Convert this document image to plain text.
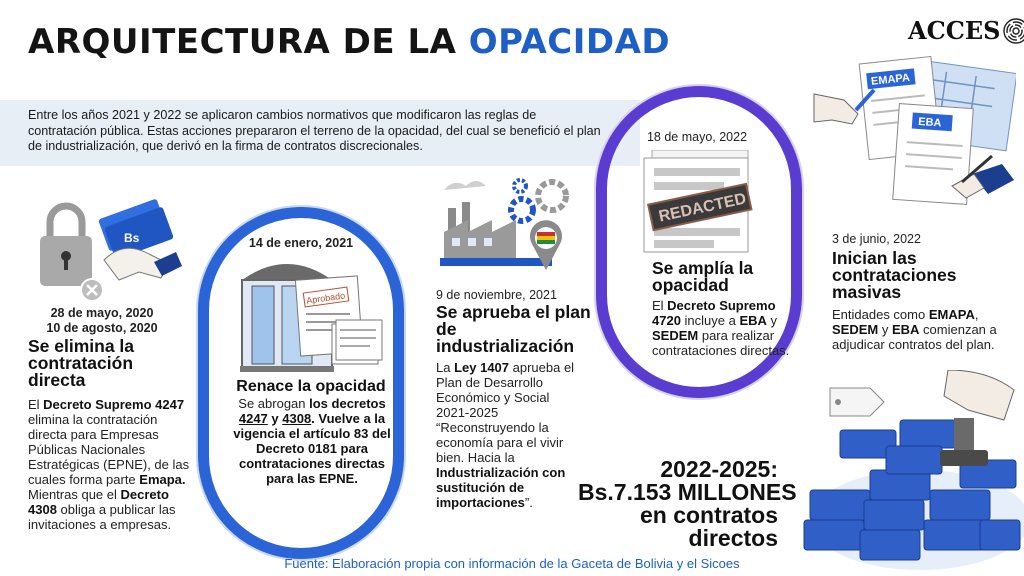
ARQUITECTURA DE LA OPACIDAD	ACCES
Entre los años 2021 y 2022 se aplicaron cambios normativos que modificaron las reglas de contratación pública. Estas acciones prepararon el terreno de la opacidad, del cual se benefició el plan de industrialización, que derivó en la firma de contratos discrecionales.
Bs
28 de mayo, 2020
10 de agosto, 2020
Se elimina la contratación directa
El Decreto Supremo 4247 elimina la contratación directa para Empresas Públicas Nacionales Estratégicas (EPNE), de las cuales forma parte Emapa. Mientras que el Decreto 4308 obliga a publicar las invitaciones a empresas.
14 de enero, 2021
Aprobado
Renace la opacidad
Se abrogan los decretos 4247 y 4308. Vuelve a la vigencia el artículo 83 del Decreto 0181 para contrataciones directas para las EPNE.
9 de noviembre, 2021
Se aprueba el plan de industrialización
La Ley 1407 aprueba el Plan de Desarrollo Económico y Social 2021-2025 “Reconstruyendo la economía para el vivir bien. Hacia la Industrialización con sustitución de importaciones”.
18 de mayo, 2022
REDACTED
Se amplía la opacidad
El Decreto Supremo 4720 incluye a EBA y SEDEM para realizar contrataciones directas.
EMAPA
EBA
3 de junio, 2022
Inician las contrataciones masivas
Entidades como EMAPA, SEDEM y EBA comienzan a adjudicar contratos del plan.
2022-2025:
Bs.7.153 MILLONES
en contratos
directos
Fuente: Elaboración propia con información de la Gaceta de Bolivia y el Sicoes
